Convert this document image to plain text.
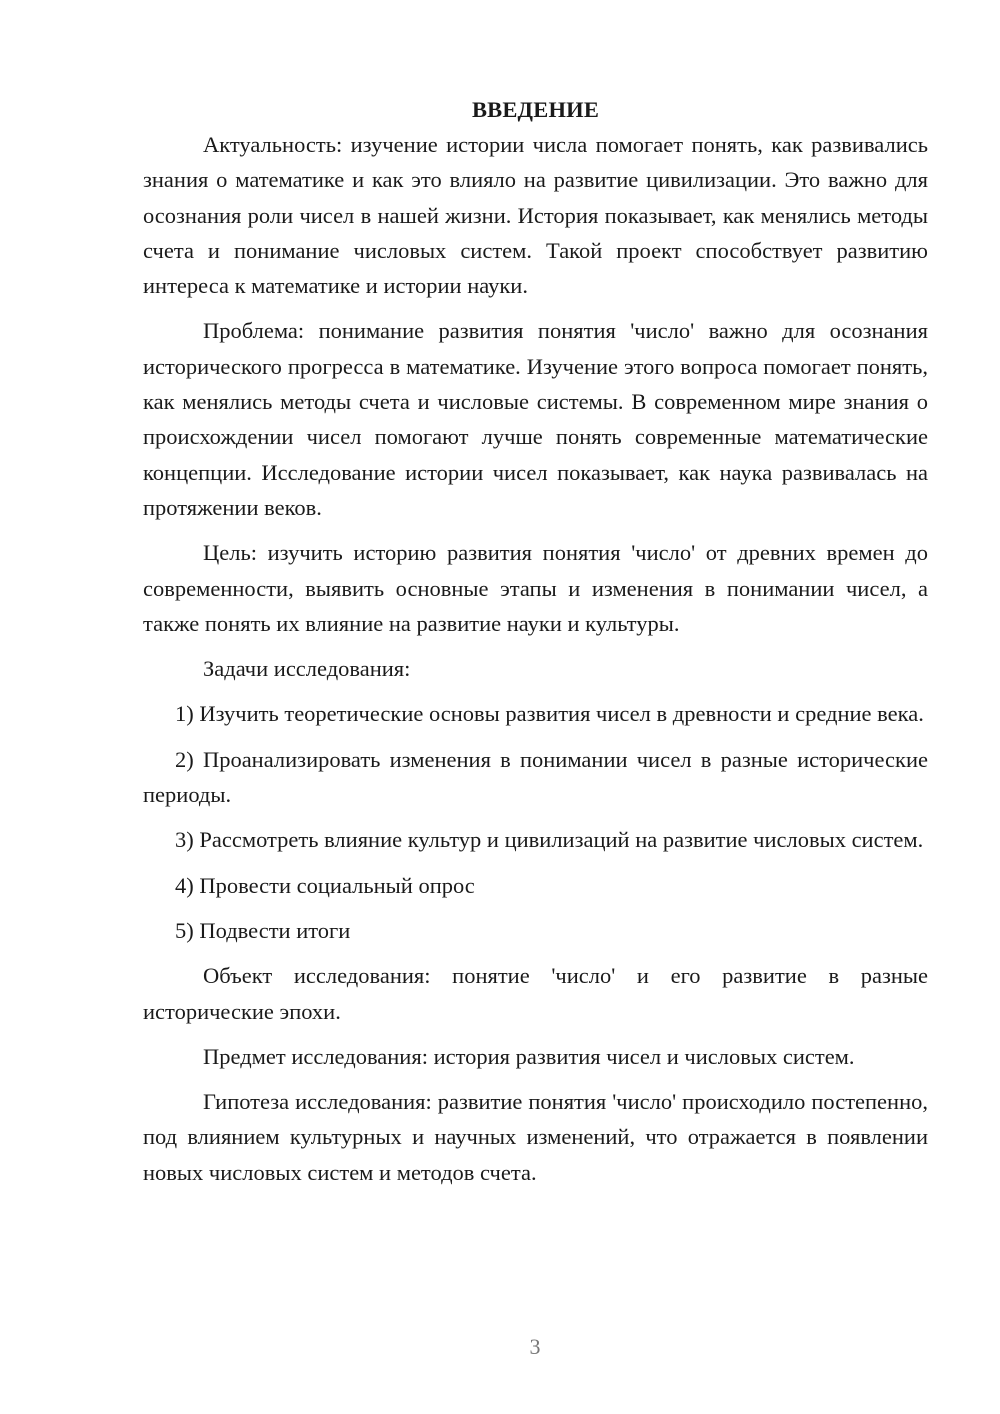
ВВЕДЕНИЕ

Актуальность: изучение истории числа помогает понять, как развивались знания о математике и как это влияло на развитие цивилизации. Это важно для осознания роли чисел в нашей жизни. История показывает, как менялись методы счета и понимание числовых систем. Такой проект способствует развитию интереса к математике и истории науки.

Проблема: понимание развития понятия 'число' важно для осознания исторического прогресса в математике. Изучение этого вопроса помогает понять, как менялись методы счета и числовые системы. В современном мире знания о происхождении чисел помогают лучше понять современные математические концепции. Исследование истории чисел показывает, как наука развивалась на протяжении веков.

Цель: изучить историю развития понятия 'число' от древних времен до современности, выявить основные этапы и изменения в понимании чисел, а также понять их влияние на развитие науки и культуры.

Задачи исследования:

1) Изучить теоретические основы развития чисел в древности и средние века.

2) Проанализировать изменения в понимании чисел в разные исторические периоды.

3) Рассмотреть влияние культур и цивилизаций на развитие числовых систем.

4) Провести социальный опрос

5) Подвести итоги

Объект исследования: понятие 'число' и его развитие в разные исторические эпохи.

Предмет исследования: история развития чисел и числовых систем.

Гипотеза исследования: развитие понятия 'число' происходило постепенно, под влиянием культурных и научных изменений, что отражается в появлении новых числовых систем и методов счета.

3
